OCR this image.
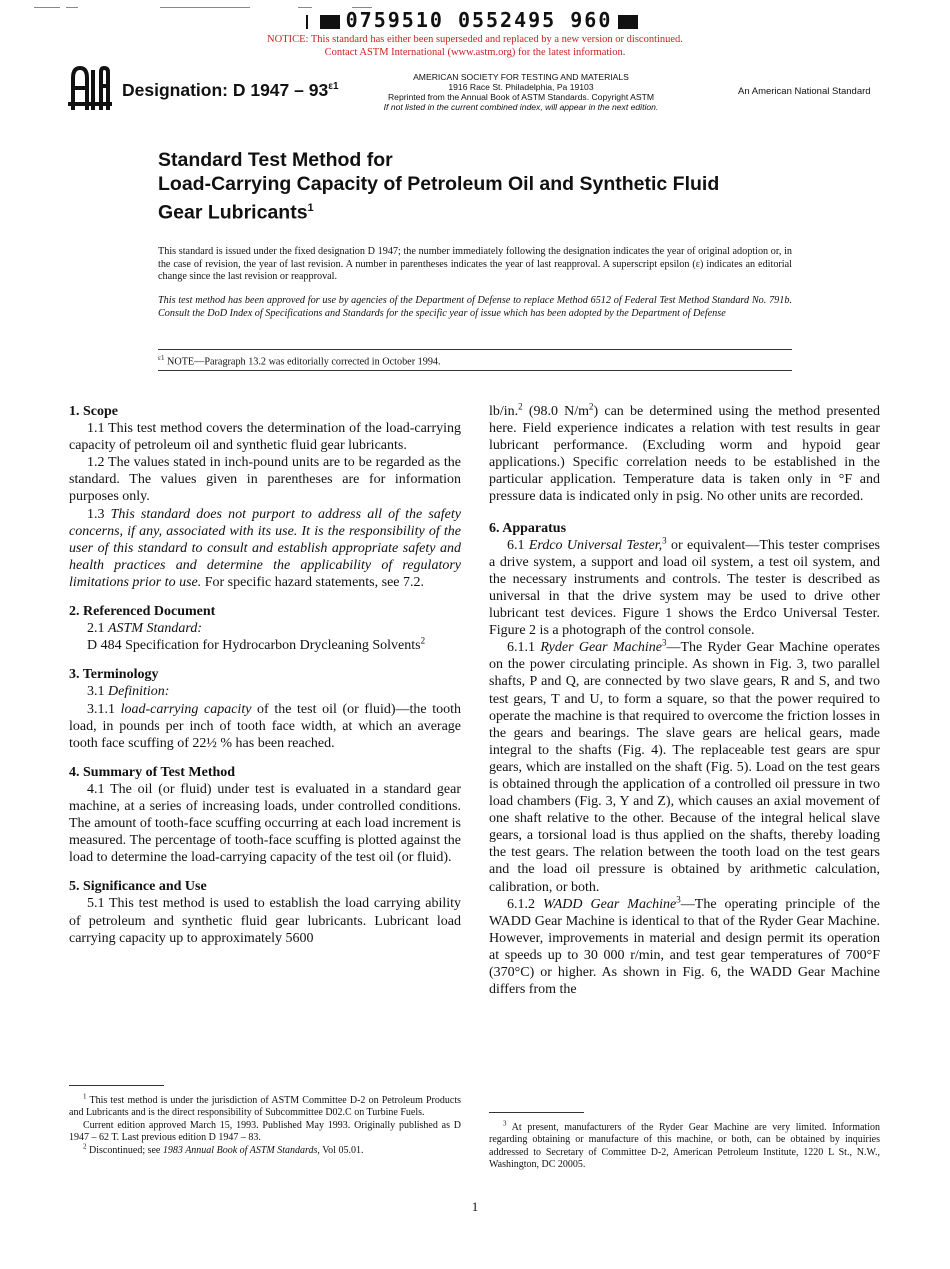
0759510 0552495 960
NOTICE: This standard has either been superseded and replaced by a new version or discontinued.
Contact ASTM International (www.astm.org) for the latest information.
Designation: D $1947 - 93^{\varepsilon 1}$
AMERICAN SOCIETY FOR TESTING AND MATERIALS
1916 Race St. Philadelphia, Pa 19103
Reprinted from the Annual Book of ASTM Standards. Copyright ASTM
If not listed in the current combined index, will appear in the next edition.
An American National Standard
Standard Test Method for
Load-Carrying Capacity of Petroleum Oil and Synthetic Fluid
Gear Lubricants$^1$
This standard is issued under the fixed designation D 1947; the number immediately following the designation indicates the year of original adoption or, in the case of revision, the year of last revision. A number in parentheses indicates the year of last reapproval. A superscript epsilon (ε) indicates an editorial change since the last revision or reapproval.
This test method has been approved for use by agencies of the Department of Defense to replace Method 6512 of Federal Test Method Standard No. 791b. Consult the DoD Index of Specifications and Standards for the specific year of issue which has been adopted by the Department of Defense
$^{\varepsilon 1}$ NOTE—Paragraph 13.2 was editorially corrected in October 1994.
1. Scope

1.1 This test method covers the determination of the load-carrying capacity of petroleum oil and synthetic fluid gear lubricants.

1.2 The values stated in inch-pound units are to be regarded as the standard. The values given in parentheses are for information purposes only.

1.3 This standard does not purport to address all of the safety concerns, if any, associated with its use. It is the responsibility of the user of this standard to consult and establish appropriate safety and health practices and determine the applicability of regulatory limitations prior to use. For specific hazard statements, see 7.2.

2. Referenced Document

2.1 ASTM Standard:

D 484 Specification for Hydrocarbon Drycleaning Solvents$^2$

3. Terminology

3.1 Definition:

3.1.1 load-carrying capacity of the test oil (or fluid)—the tooth load, in pounds per inch of tooth face width, at which an average tooth face scuffing of 22½ % has been reached.

4. Summary of Test Method

4.1 The oil (or fluid) under test is evaluated in a standard gear machine, at a series of increasing loads, under controlled conditions. The amount of tooth-face scuffing occurring at each load increment is measured. The percentage of tooth-face scuffing is plotted against the load to determine the load-carrying capacity of the test oil (or fluid).

5. Significance and Use

5.1 This test method is used to establish the load carrying ability of petroleum and synthetic fluid gear lubricants. Lubricant load carrying capacity up to approximately 5600

lb/in.$^2$ (98.0 $N/m^2$) can be determined using the method presented here. Field experience indicates a relation with test results in gear lubricant performance. (Excluding worm and hypoid gear applications.) Specific correlation needs to be established in the particular application. Temperature data is taken only in °F and pressure data is indicated only in psig. No other units are recorded.

6. Apparatus

6.1 Erdco Universal Tester,$^3$ or equivalent—This tester comprises a drive system, a support and load oil system, a test oil system, and the necessary instruments and controls. The tester is described as universal in that the drive system may be used to drive other lubricant test devices. Figure 1 shows the Erdco Universal Tester. Figure 2 is a photograph of the control console.

6.1.1 Ryder Gear Machine$^3$—The Ryder Gear Machine operates on the power circulating principle. As shown in Fig. 3, two parallel shafts, P and Q, are connected by two slave gears, R and S, and two test gears, T and U, to form a square, so that the power required to operate the machine is that required to overcome the friction losses in the gears and bearings. The slave gears are helical gears, made integral to the shafts (Fig. 4). The replaceable test gears are spur gears, which are installed on the shaft (Fig. 5). Load on the test gears is obtained through the application of a controlled oil pressure in two load chambers (Fig. 3, Y and Z), which causes an axial movement of one shaft relative to the other. Because of the integral helical slave gears, a torsional load is thus applied on the shafts, thereby loading the test gears. The relation between the tooth load on the test gears and the load oil pressure is obtained by arithmetic calculation, calibration, or both.

6.1.2 WADD Gear Machine$^3$—The operating principle of the WADD Gear Machine is identical to that of the Ryder Gear Machine. However, improvements in material and design permit its operation at speeds up to 30 000 r/min, and test gear temperatures of 700°F (370°C) or higher. As shown in Fig. 6, the WADD Gear Machine differs from the

$^1$ This test method is under the jurisdiction of ASTM Committee D-2 on Petroleum Products and Lubricants and is the direct responsibility of Subcommittee D02.C on Turbine Fuels.

Current edition approved March 15, 1993. Published May 1993. Originally published as D 1947 – 62 T. Last previous edition D 1947 – 83.

$^2$ Discontinued; see 1983 Annual Book of ASTM Standards, Vol 05.01.

$^3$ At present, manufacturers of the Ryder Gear Machine are very limited. Information regarding obtaining or manufacture of this machine, or both, can be obtained by inquiries addressed to Secretary of Committee D-2, American Petroleum Institute, 1220 L St., N.W., Washington, DC 20005.

1
